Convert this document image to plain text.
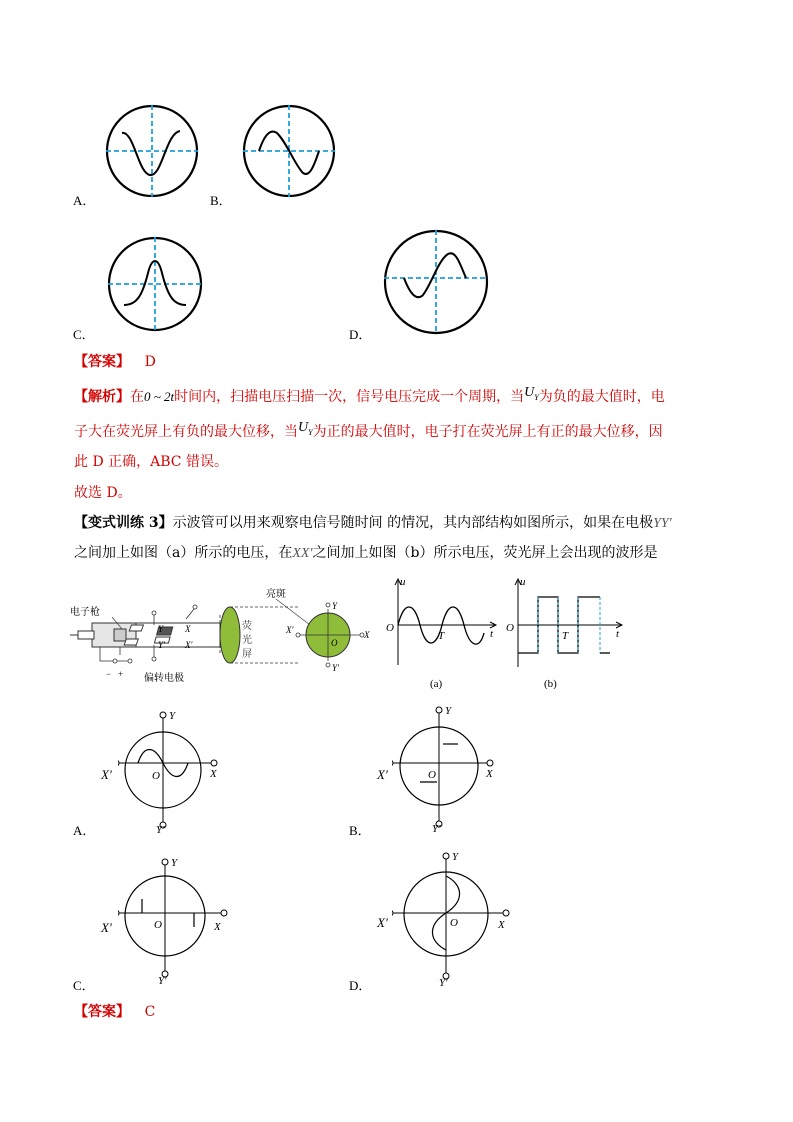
A．	B．
C．	D．
【答案】 D
【解析】在0 ~ 2t时间内，扫描电压扫描一次，信号电压完成一个周期，当$U_Y$为负的最大值时，电
子大在荧光屏上有负的最大位移，当$U_Y$为正的最大值时，电子打在荧光屏上有正的最大位移，因
此 D 正确，ABC 错误。
故选 D。
【变式训练 3】示波管可以用来观察电信号随时间 的情况，其内部结构如图所示，如果在电极YY′
之间加上如图（a）所示的电压，在XX′之间加上如图（b）所示电压，荧光屏上会出现的波形是
Y
Y′
X
X′
− +
电子枪
偏转电极
荧
光
屏
亮斑
Y
Y′
X
X′
O
u
O	t
T
(a)
u
O	t
T
(b)
Y
Y′
X
O
X′
A．
Y
Y′
X
O
X′
B．
Y
Y′
X
O
X′
C．
Y
Y′
X
O
X′
D．
【答案】 C
